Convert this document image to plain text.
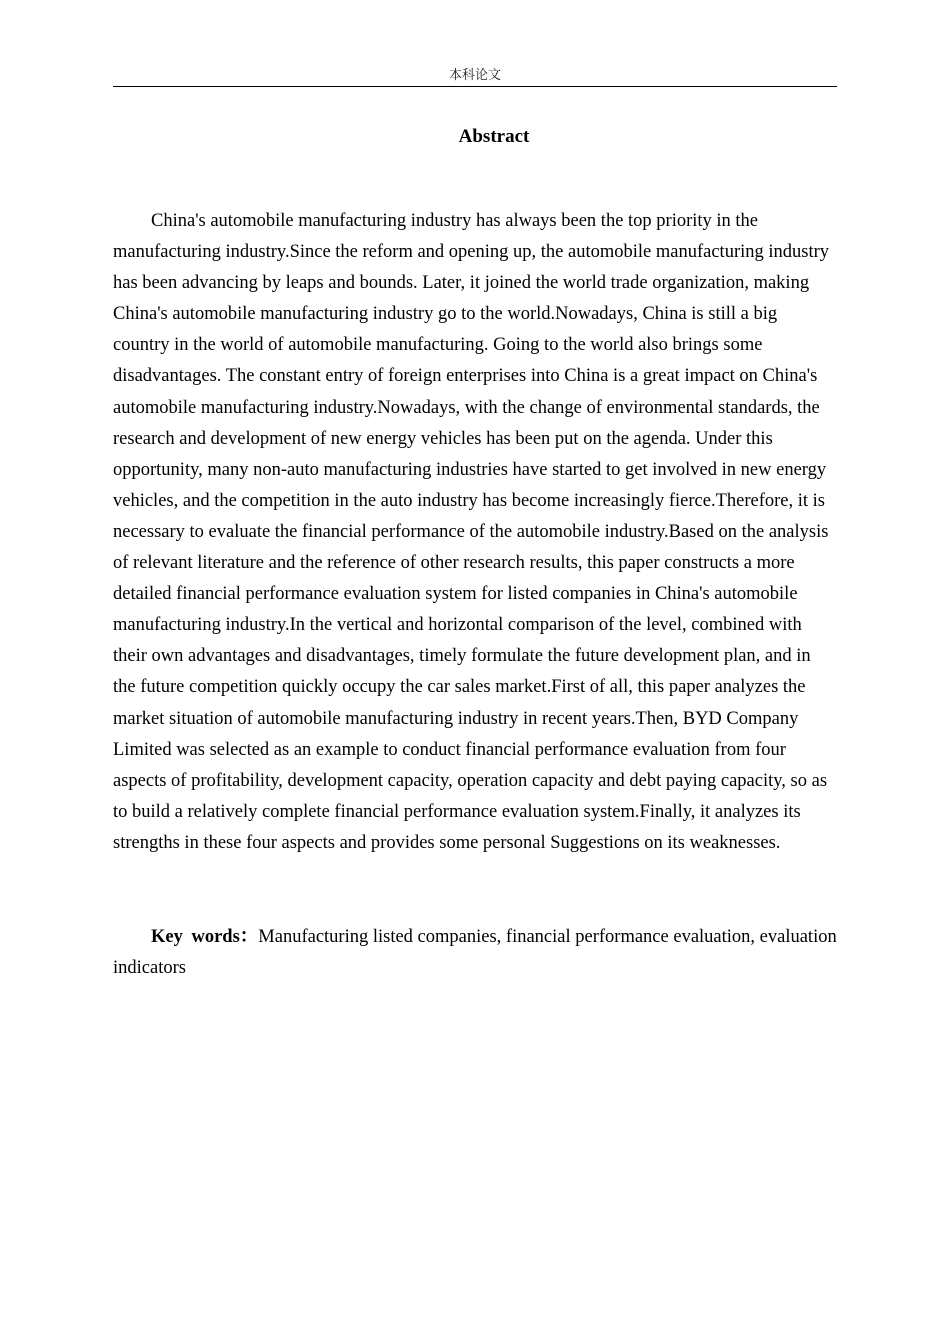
本科论文
Abstract

China's automobile manufacturing industry has always been the top priority in the manufacturing industry.Since the reform and opening up, the automobile manufacturing industry has been advancing by leaps and bounds. Later, it joined the world trade organization, making China's automobile manufacturing industry go to the world.Nowadays, China is still a big country in the world of automobile manufacturing. Going to the world also brings some disadvantages. The constant entry of foreign enterprises into China is a great impact on China's automobile manufacturing industry.Nowadays, with the change of environmental standards, the research and development of new energy vehicles has been put on the agenda. Under this opportunity, many non-auto manufacturing industries have started to get involved in new energy vehicles, and the competition in the auto industry has become increasingly fierce.Therefore, it is necessary to evaluate the financial performance of the automobile industry.Based on the analysis of relevant literature and the reference of other research results, this paper constructs a more detailed financial performance evaluation system for listed companies in China's automobile manufacturing industry.In the vertical and horizontal comparison of the level, combined with their own advantages and disadvantages, timely formulate the future development plan, and in the future competition quickly occupy the car sales market.First of all, this paper analyzes the market situation of automobile manufacturing industry in recent years.Then, BYD Company Limited was selected as an example to conduct financial performance evaluation from four aspects of profitability, development capacity, operation capacity and debt paying capacity, so as to build a relatively complete financial performance evaluation system.Finally, it analyzes its strengths in these four aspects and provides some personal Suggestions on its weaknesses.

Key words：Manufacturing listed companies, financial performance evaluation, evaluation indicators
